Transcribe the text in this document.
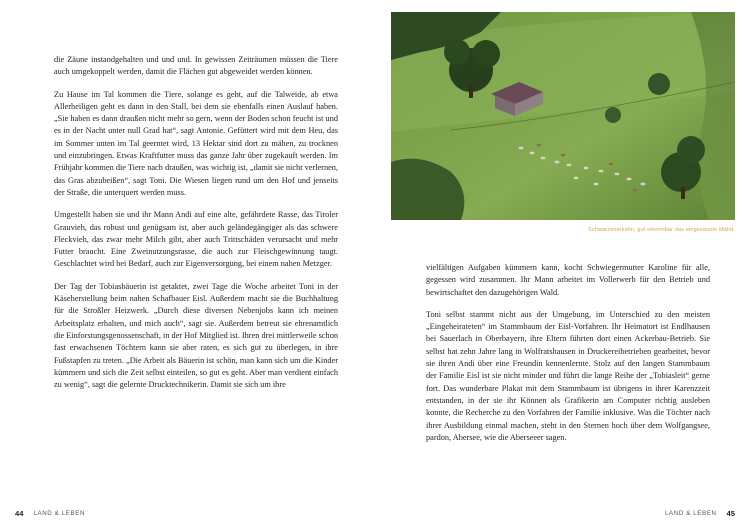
die Zäune instandgehalten und und und. In gewissen Zeiträumen müssen die Tiere auch umgekoppelt werden, damit die Flächen gut abgeweidet werden können.

Zu Hause im Tal kommen die Tiere, solange es geht, auf die Talweide, ab etwa Allerheiligen geht es dann in den Stall, bei dem sie ebenfalls einen Auslauf haben. „Sie haben es dann draußen nicht mehr so gern, wenn der Boden schon feucht ist und es in der Nacht unter null Grad hat“, sagt Antonie. Gefüttert wird mit dem Heu, das im Sommer unten im Tal geerntet wird, 13 Hektar sind dort zu mähen, zu trocknen und einzubringen. Etwas Kraftfutter muss das ganze Jahr über zugekauft werden. Im Frühjahr kommen die Tiere nach draußen, was wichtig ist, „damit sie nicht verlernen, das Gras abzubeißen“, sagt Toni. Die Wiesen liegen rund um den Hof und jenseits der Straße, die unterquert werden muss.

Umgestellt haben sie und ihr Mann Andi auf eine alte, gefährdete Rasse, das Tiroler Grauvieh, das robust und genügsam ist, aber auch geländegängiger als das schwere Fleckvieh, das zwar mehr Milch gibt, aber auch Trittschäden verursacht und mehr Futter braucht. Eine Zweinutzungsrasse, die auch zur Fleischgewinnung taugt. Geschlachtet wird bei Bedarf, auch zur Eigenversorgung, bei einem nahen Metzger.

Der Tag der Tobiasbäuerin ist getaktet, zwei Tage die Woche arbeitet Toni in der Käseherstellung beim nahen Schafbauer Eisl. Außerdem macht sie die Buchhaltung für die Stroßler Heizwerk. „Durch diese diversen Nebenjobs kann ich meinen Arbeitsplatz erhalten, und mich auch“, sagt sie. Außerdem betreut sie ehrenamtlich die Einforstungsgenossenschaft, in der Hof Mitglied ist. Ihren drei mittlerweile schon fast erwachsenen Töchtern kann sie aber raten, es sich gut zu überlegen, in ihre Fußstapfen zu treten. „Die Arbeit als Bäuerin ist schön, man kann sich um die Kinder kümmern und sich die Zeit selbst einteilen, so gut es geht. Aber man verdient einfach zu wenig“, sagt die gelernte Drucktechnikerin. Damit sie sich um ihre

Schwarzenerkalm, gut erkennbar das eingezäunte Mähd.

vielfältigen Aufgaben kümmern kann, kocht Schwiegermutter Karoline für alle, gegessen wird zusammen. Ihr Mann arbeitet im Vollerwerb für den Betrieb und bewirtschaftet den dazugehörigen Wald.

Toni selbst stammt nicht aus der Umgebung, im Unterschied zu den meisten „Eingeheirateten“ im Stammbaum der Eisl-Vorfahren. Ihr Heimatort ist Endlhausen bei Sauerlach in Oberbayern, ihre Eltern führten dort einen Ackerbau-Betrieb. Sie selbst hat zehn Jahre lang in Wolfratshausen in Druckereibetrieben gearbeitet, bevor sie ihren Andi über eine Freundin kennenlernte. Stolz auf den langen Stammbaum der Familie Eisl ist sie nicht minder und führt die lange Reihe der „Tobiasleit“ gerne fort. Das wunderbare Plakat mit dem Stammbaum ist übrigens in ihrer Karenzzeit entstanden, in der sie ihr Können als Grafikerin am Computer richtig ausleben konnte, die Recherche zu den Vorfahren der Familie inklusive. Was die Töchter nach ihrer Ausbildung einmal machen, steht in den Sternen hoch über dem Wolfgangsee, pardon, Abersee, wie die Aberseeer sagen.

44 LAND & LEBEN	LAND & LEBEN 45
